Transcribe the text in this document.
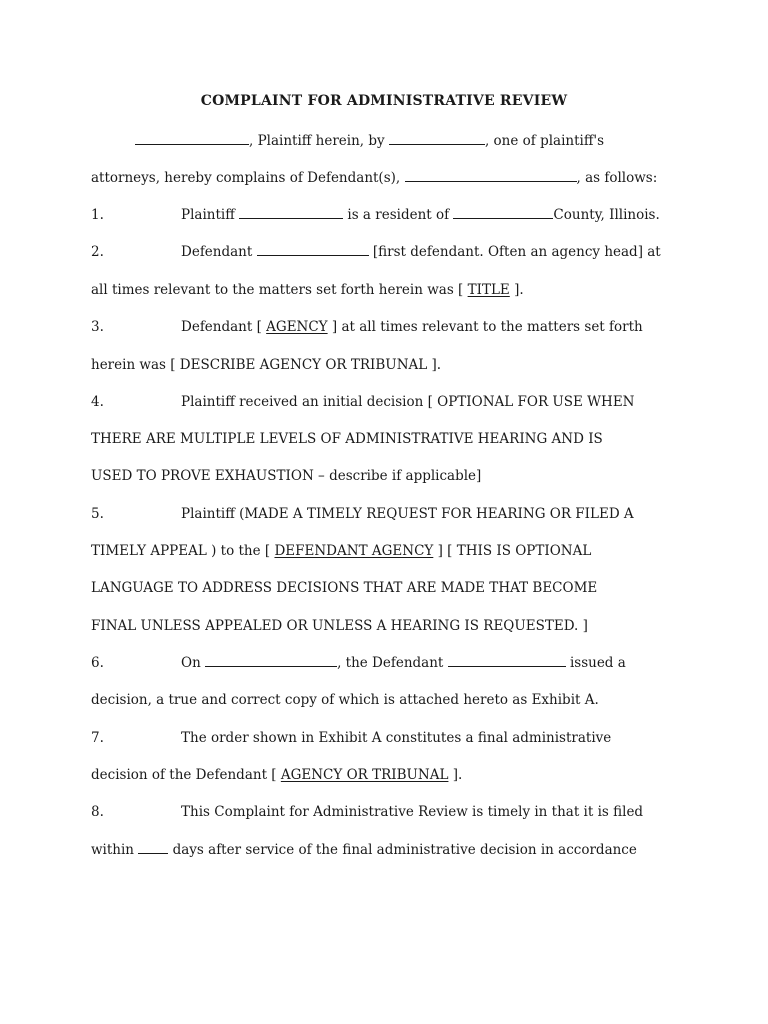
COMPLAINT FOR ADMINISTRATIVE REVIEW
, Plaintiff herein, by	, one of plaintiff's
attorneys, hereby complains of Defendant(s),	, as follows:
1.	Plaintiff	is a resident of	County, Illinois.
2.	Defendant	[first defendant. Often an agency head] at
all times relevant to the matters set forth herein was [ TITLE ].
3.	Defendant [ AGENCY ] at all times relevant to the matters set forth
herein was [ DESCRIBE AGENCY OR TRIBUNAL ].
4.	Plaintiff received an initial decision [ OPTIONAL FOR USE WHEN
THERE ARE MULTIPLE LEVELS OF ADMINISTRATIVE HEARING AND IS
USED TO PROVE EXHAUSTION – describe if applicable]
5.	Plaintiff (MADE A TIMELY REQUEST FOR HEARING OR FILED A
TIMELY APPEAL ) to the [ DEFENDANT AGENCY ] [ THIS IS OPTIONAL
LANGUAGE TO ADDRESS DECISIONS THAT ARE MADE THAT BECOME
FINAL UNLESS APPEALED OR UNLESS A HEARING IS REQUESTED. ]
6.	On	, the Defendant	issued a
decision, a true and correct copy of which is attached hereto as Exhibit A.
7.	The order shown in Exhibit A constitutes a final administrative
decision of the Defendant [ AGENCY OR TRIBUNAL ].
8.	This Complaint for Administrative Review is timely in that it is filed
within	days after service of the final administrative decision in accordance
